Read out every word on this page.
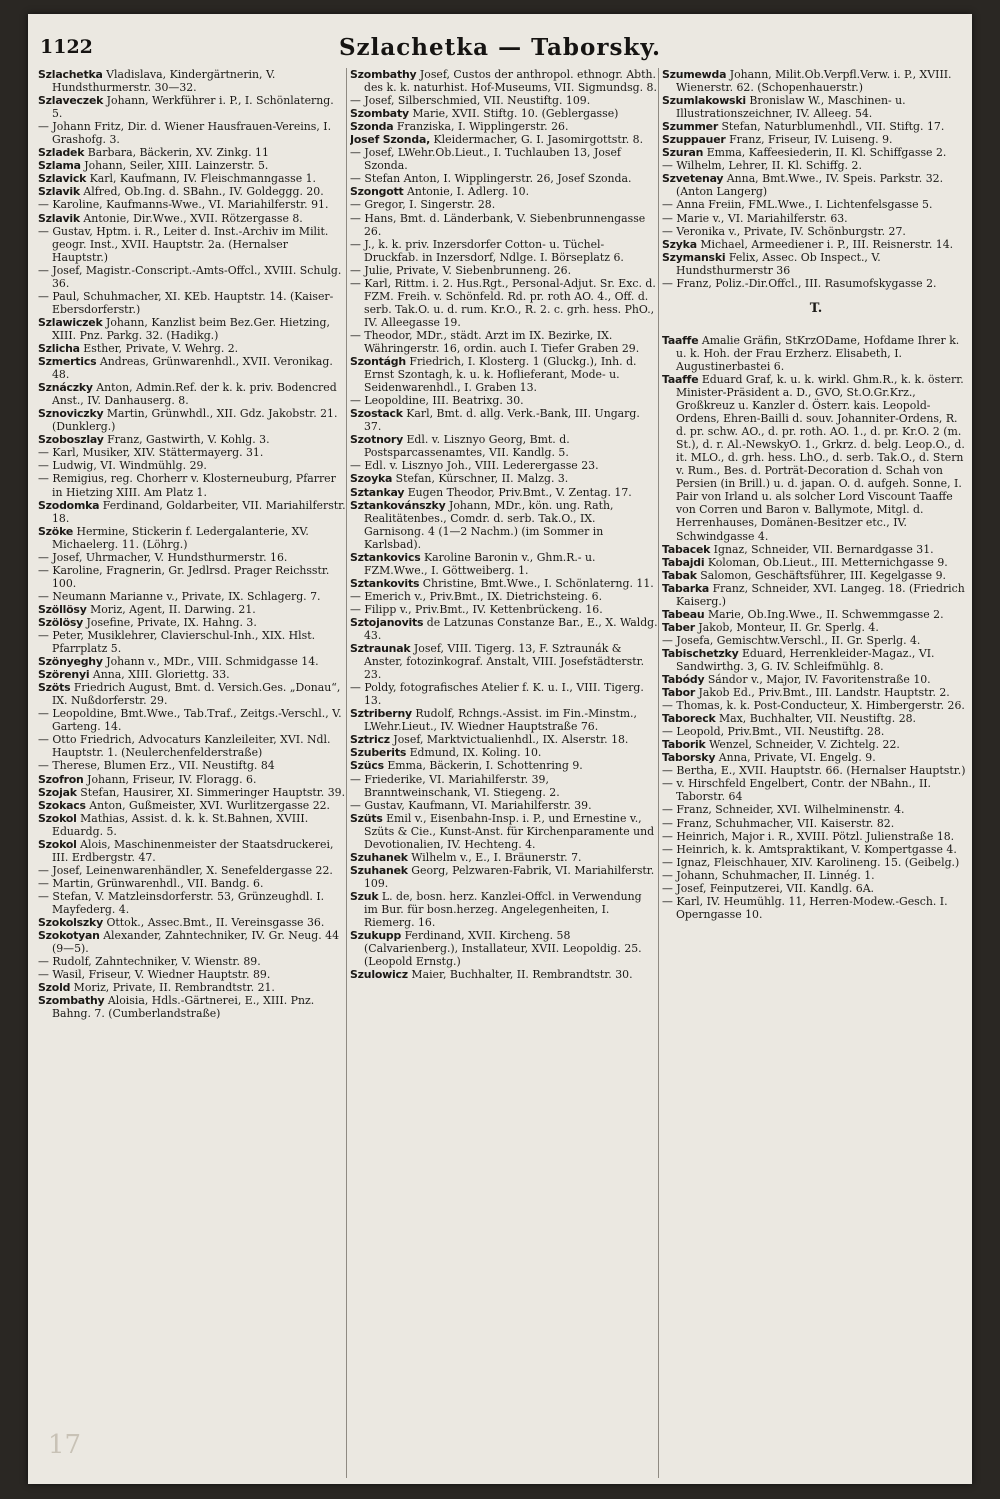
1122	Szlachetka — Taborsky.
Szlachetka Vladislava, Kindergärtnerin, V. Hundsthurmerstr. 30—32.
Szlaveczek Johann, Werkführer i. P., I. Schönlaterng. 5.
— Johann Fritz, Dir. d. Wiener Hausfrauen-Vereins, I. Grashofg. 3.
Szladek Barbara, Bäckerin, XV. Zinkg. 11
Szlama Johann, Seiler, XIII. Lainzerstr. 5.
Szlavick Karl, Kaufmann, IV. Fleischmanngasse 1.
Szlavik Alfred, Ob.Ing. d. SBahn., IV. Goldeggg. 20.
— Karoline, Kaufmanns-Wwe., VI. Mariahilferstr. 91.
Szlavik Antonie, Dir.Wwe., XVII. Rötzergasse 8.
— Gustav, Hptm. i. R., Leiter d. Inst.-Archiv im Milit. geogr. Inst., XVII. Hauptstr. 2a. (Hernalser Hauptstr.)
— Josef, Magistr.-Conscript.-Amts-Offcl., XVIII. Schulg. 36.
— Paul, Schuhmacher, XI. KEb. Hauptstr. 14. (Kaiser-Ebersdorferstr.)
Szlawiczek Johann, Kanzlist beim Bez.Ger. Hietzing, XIII. Pnz. Parkg. 32. (Hadikg.)
Szlicha Esther, Private, V. Wehrg. 2.
Szmertics Andreas, Grünwarenhdl., XVII. Veronikag. 48.
Sznáczky Anton, Admin.Ref. der k. k. priv. Bodencred Anst., IV. Danhauserg. 8.
Sznoviczky Martin, Grünwhdl., XII. Gdz. Jakobstr. 21. (Dunklerg.)
Szoboszlay Franz, Gastwirth, V. Kohlg. 3.
— Karl, Musiker, XIV. Stättermayerg. 31.
— Ludwig, VI. Windmühlg. 29.
— Remigius, reg. Chorherr v. Klosterneuburg, Pfarrer in Hietzing XIII. Am Platz 1.
Szodomka Ferdinand, Goldarbeiter, VII. Mariahilferstr. 18.
Szöke Hermine, Stickerin f. Ledergalanterie, XV. Michaelerg. 11. (Löhrg.)
— Josef, Uhrmacher, V. Hundsthurmerstr. 16.
— Karoline, Fragnerin, Gr. Jedlrsd. Prager Reichsstr. 100.
— Neumann Marianne v., Private, IX. Schlagerg. 7.
Szöllösy Moriz, Agent, II. Darwing. 21.
Szölösy Josefine, Private, IX. Hahng. 3.
— Peter, Musiklehrer, Clavierschul-Inh., XIX. Hlst. Pfarrplatz 5.
Szönyeghy Johann v., MDr., VIII. Schmidgasse 14.
Szörenyi Anna, XIII. Gloriettg. 33.
Szöts Friedrich August, Bmt. d. Versich.Ges. „Donau“, IX. Nußdorferstr. 29.
— Leopoldine, Bmt.Wwe., Tab.Traf., Zeitgs.-Verschl., V. Garteng. 14.
— Otto Friedrich, Advocaturs Kanzleileiter, XVI. Ndl. Hauptstr. 1. (Neulerchenfelderstraße)
— Therese, Blumen Erz., VII. Neustiftg. 84
Szofron Johann, Friseur, IV. Floragg. 6.
Szojak Stefan, Hausirer, XI. Simmeringer Hauptstr. 39.
Szokacs Anton, Gußmeister, XVI. Wurlitzergasse 22.
Szokol Mathias, Assist. d. k. k. St.Bahnen, XVIII. Eduardg. 5.
Szokol Alois, Maschinenmeister der Staatsdruckerei, III. Erdbergstr. 47.
— Josef, Leinenwarenhändler, X. Senefeldergasse 22.
— Martin, Grünwarenhdl., VII. Bandg. 6.
— Stefan, V. Matzleinsdorferstr. 53, Grünzeughdl. I. Mayfederg. 4.
Szokolszky Ottok., Assec.Bmt., II. Vereinsgasse 36.
Szokotyan Alexander, Zahntechniker, IV. Gr. Neug. 44 (9—5).
— Rudolf, Zahntechniker, V. Wienstr. 89.
— Wasil, Friseur, V. Wiedner Hauptstr. 89.
Szold Moriz, Private, II. Rembrandtstr. 21.
Szombathy Aloisia, Hdls.-Gärtnerei, E., XIII. Pnz. Bahng. 7. (Cumberlandstraße)
Szombathy Josef, Custos der anthropol. ethnogr. Abth. des k. k. naturhist. Hof-Museums, VII. Sigmundsg. 8.
— Josef, Silberschmied, VII. Neustiftg. 109.
Szombaty Marie, XVII. Stiftg. 10. (Geblergasse)
Szonda Franziska, I. Wipplingerstr. 26.
Josef Szonda, Kleidermacher, G. I. Jasomirgottstr. 8.
— Josef, LWehr.Ob.Lieut., I. Tuchlauben 13, Josef Szonda.
— Stefan Anton, I. Wipplingerstr. 26, Josef Szonda.
Szongott Antonie, I. Adlerg. 10.
— Gregor, I. Singerstr. 28.
— Hans, Bmt. d. Länderbank, V. Siebenbrunnengasse 26.
— J., k. k. priv. Inzersdorfer Cotton- u. Tüchel-Druckfab. in Inzersdorf, Ndlge. I. Börseplatz 6.
— Julie, Private, V. Siebenbrunneng. 26.
— Karl, Rittm. i. 2. Hus.Rgt., Personal-Adjut. Sr. Exc. d. FZM. Freih. v. Schönfeld. Rd. pr. roth AO. 4., Off. d. serb. Tak.O. u. d. rum. Kr.O., R. 2. c. grh. hess. PhO., IV. Alleegasse 19.
— Theodor, MDr., städt. Arzt im IX. Bezirke, IX. Währingerstr. 16, ordin. auch I. Tiefer Graben 29.
Szontágh Friedrich, I. Klosterg. 1 (Gluckg.), Inh. d. Ernst Szontagh, k. u. k. Hoflieferant, Mode- u. Seidenwarenhdl., I. Graben 13.
— Leopoldine, III. Beatrixg. 30.
Szostack Karl, Bmt. d. allg. Verk.-Bank, III. Ungarg. 37.
Szotnory Edl. v. Lisznyo Georg, Bmt. d. Postsparcassenamtes, VII. Kandlg. 5.
— Edl. v. Lisznyo Joh., VIII. Lederergasse 23.
Szoyka Stefan, Kürschner, II. Malzg. 3.
Sztankay Eugen Theodor, Priv.Bmt., V. Zentag. 17.
Sztankovánszky Johann, MDr., kön. ung. Rath, Realitätenbes., Comdr. d. serb. Tak.O., IX. Garnisong. 4 (1—2 Nachm.) (im Sommer in Karlsbad).
Sztankovics Karoline Baronin v., Ghm.R.- u. FZM.Wwe., I. Göttweiberg. 1.
Sztankovits Christine, Bmt.Wwe., I. Schönlaterng. 11.
— Emerich v., Priv.Bmt., IX. Dietrichsteing. 6.
— Filipp v., Priv.Bmt., IV. Kettenbrückeng. 16.
Sztojanovits de Latzunas Constanze Bar., E., X. Waldg. 43.
Sztraunak Josef, VIII. Tigerg. 13, F. Sztraunák & Anster, fotozinkograf. Anstalt, VIII. Josefstädterstr. 23.
— Poldy, fotografisches Atelier f. K. u. I., VIII. Tigerg. 13.
Sztriberny Rudolf, Rchngs.-Assist. im Fin.-Minstm., LWehr.Lieut., IV. Wiedner Hauptstraße 76.
Sztricz Josef, Marktvictualienhdl., IX. Alserstr. 18.
Szuberits Edmund, IX. Koling. 10.
Szücs Emma, Bäckerin, I. Schottenring 9.
— Friederike, VI. Mariahilferstr. 39, Branntweinschank, VI. Stiegeng. 2.
— Gustav, Kaufmann, VI. Mariahilferstr. 39.
Szüts Emil v., Eisenbahn-Insp. i. P., und Ernestine v., Szüts & Cie., Kunst-Anst. für Kirchenparamente und Devotionalien, IV. Hechteng. 4.
Szuhanek Wilhelm v., E., I. Bräunerstr. 7.
Szuhanek Georg, Pelzwaren-Fabrik, VI. Mariahilferstr. 109.
Szuk L. de, bosn. herz. Kanzlei-Offcl. in Verwendung im Bur. für bosn.herzeg. Angelegenheiten, I. Riemerg. 16.
Szukupp Ferdinand, XVII. Kircheng. 58 (Calvarienberg.), Installateur, XVII. Leopoldig. 25. (Leopold Ernstg.)
Szulowicz Maier, Buchhalter, II. Rembrandtstr. 30.
Szumewda Johann, Milit.Ob.Verpfl.Verw. i. P., XVIII. Wienerstr. 62. (Schopenhauerstr.)
Szumlakowski Bronislaw W., Maschinen- u. Illustrationszeichner, IV. Alleeg. 54.
Szummer Stefan, Naturblumenhdl., VII. Stiftg. 17.
Szuppauer Franz, Friseur, IV. Luiseng. 9.
Szuran Emma, Kaffeesiederin, II. Kl. Schiffgasse 2.
— Wilhelm, Lehrer, II. Kl. Schiffg. 2.
Szvetenay Anna, Bmt.Wwe., IV. Speis. Parkstr. 32. (Anton Langerg)
— Anna Freiin, FML.Wwe., I. Lichtenfelsgasse 5.
— Marie v., VI. Mariahilferstr. 63.
— Veronika v., Private, IV. Schönburgstr. 27.
Szyka Michael, Armeediener i. P., III. Reisnerstr. 14.
Szymanski Felix, Assec. Ob Inspect., V. Hundsthurmerstr 36
— Franz, Poliz.-Dir.Offcl., III. Rasumofskygasse 2.
T.
Taaffe Amalie Gräfin, StKrzODame, Hofdame Ihrer k. u. k. Hoh. der Frau Erzherz. Elisabeth, I. Augustinerbastei 6.
Taaffe Eduard Graf, k. u. k. wirkl. Ghm.R., k. k. österr. Minister-Präsident a. D., GVO, St.O.Gr.Krz., Großkreuz u. Kanzler d. Österr. kais. Leopold-Ordens, Ehren-Bailli d. souv. Johanniter-Ordens, R. d. pr. schw. AO., d. pr. roth. AO. 1., d. pr. Kr.O. 2 (m. St.), d. r. Al.-NewskyO. 1., Grkrz. d. belg. Leop.O., d. it. MLO., d. grh. hess. LhO., d. serb. Tak.O., d. Stern v. Rum., Bes. d. Porträt-Decoration d. Schah von Persien (in Brill.) u. d. japan. O. d. aufgeh. Sonne, I. Pair von Irland u. als solcher Lord Viscount Taaffe von Corren und Baron v. Ballymote, Mitgl. d. Herrenhauses, Domänen-Besitzer etc., IV. Schwindgasse 4.
Tabacek Ignaz, Schneider, VII. Bernardgasse 31.
Tabajdi Koloman, Ob.Lieut., III. Metternichgasse 9.
Tabak Salomon, Geschäftsführer, III. Kegelgasse 9.
Tabarka Franz, Schneider, XVI. Langeg. 18. (Friedrich Kaiserg.)
Tabeau Marie, Ob.Ing.Wwe., II. Schwemmgasse 2.
Taber Jakob, Monteur, II. Gr. Sperlg. 4.
— Josefa, Gemischtw.Verschl., II. Gr. Sperlg. 4.
Tabischetzky Eduard, Herrenkleider-Magaz., VI. Sandwirthg. 3, G. IV. Schleifmühlg. 8.
Tabódy Sándor v., Major, IV. Favoritenstraße 10.
Tabor Jakob Ed., Priv.Bmt., III. Landstr. Hauptstr. 2.
— Thomas, k. k. Post-Conducteur, X. Himbergerstr. 26.
Taboreck Max, Buchhalter, VII. Neustiftg. 28.
— Leopold, Priv.Bmt., VII. Neustiftg. 28.
Taborik Wenzel, Schneider, V. Zichtelg. 22.
Taborsky Anna, Private, VI. Engelg. 9.
— Bertha, E., XVII. Hauptstr. 66. (Hernalser Hauptstr.)
— v. Hirschfeld Engelbert, Contr. der NBahn., II. Taborstr. 64
— Franz, Schneider, XVI. Wilhelminenstr. 4.
— Franz, Schuhmacher, VII. Kaiserstr. 82.
— Heinrich, Major i. R., XVIII. Pötzl. Julienstraße 18.
— Heinrich, k. k. Amtspraktikant, V. Kompertgasse 4.
— Ignaz, Fleischhauer, XIV. Karolineng. 15. (Geibelg.)
— Johann, Schuhmacher, II. Linnég. 1.
— Josef, Feinputzerei, VII. Kandlg. 6A.
— Karl, IV. Heumühlg. 11, Herren-Modew.-Gesch. I. Operngasse 10.
17
